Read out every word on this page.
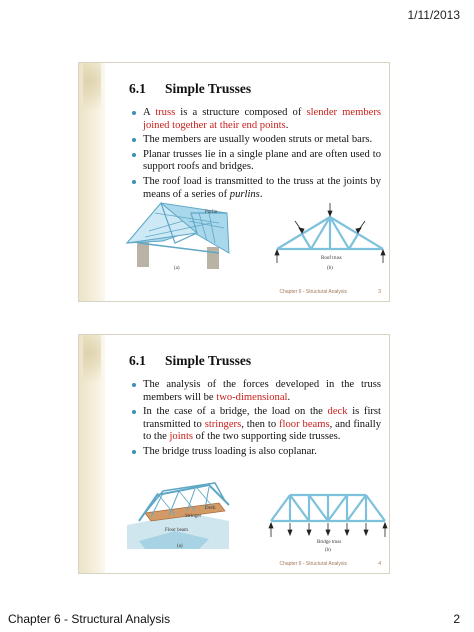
1/11/2013
6.1 Simple Trusses
A truss is a structure composed of slender members joined together at their end points.
The members are usually wooden struts or metal bars.
Planar trusses lie in a single plane and are often used to support roofs and bridges.
The roof load is transmitted to the truss at the joints by means of a series of purlins.
Purlin
(a)
Roof truss
(b)
Chapter 6 - Structural Analysis	3
6.1 Simple Trusses
The analysis of the forces developed in the truss members will be two-dimensional.
In the case of a bridge, the load on the deck is first transmitted to stringers, then to floor beams, and finally to the joints of the two supporting side trusses.
The bridge truss loading is also coplanar.
Deck
Stringer
Floor beam
(a)
Bridge truss
(b)
Chapter 6 - Structural Analysis	4
Chapter 6 - Structural Analysis	2
